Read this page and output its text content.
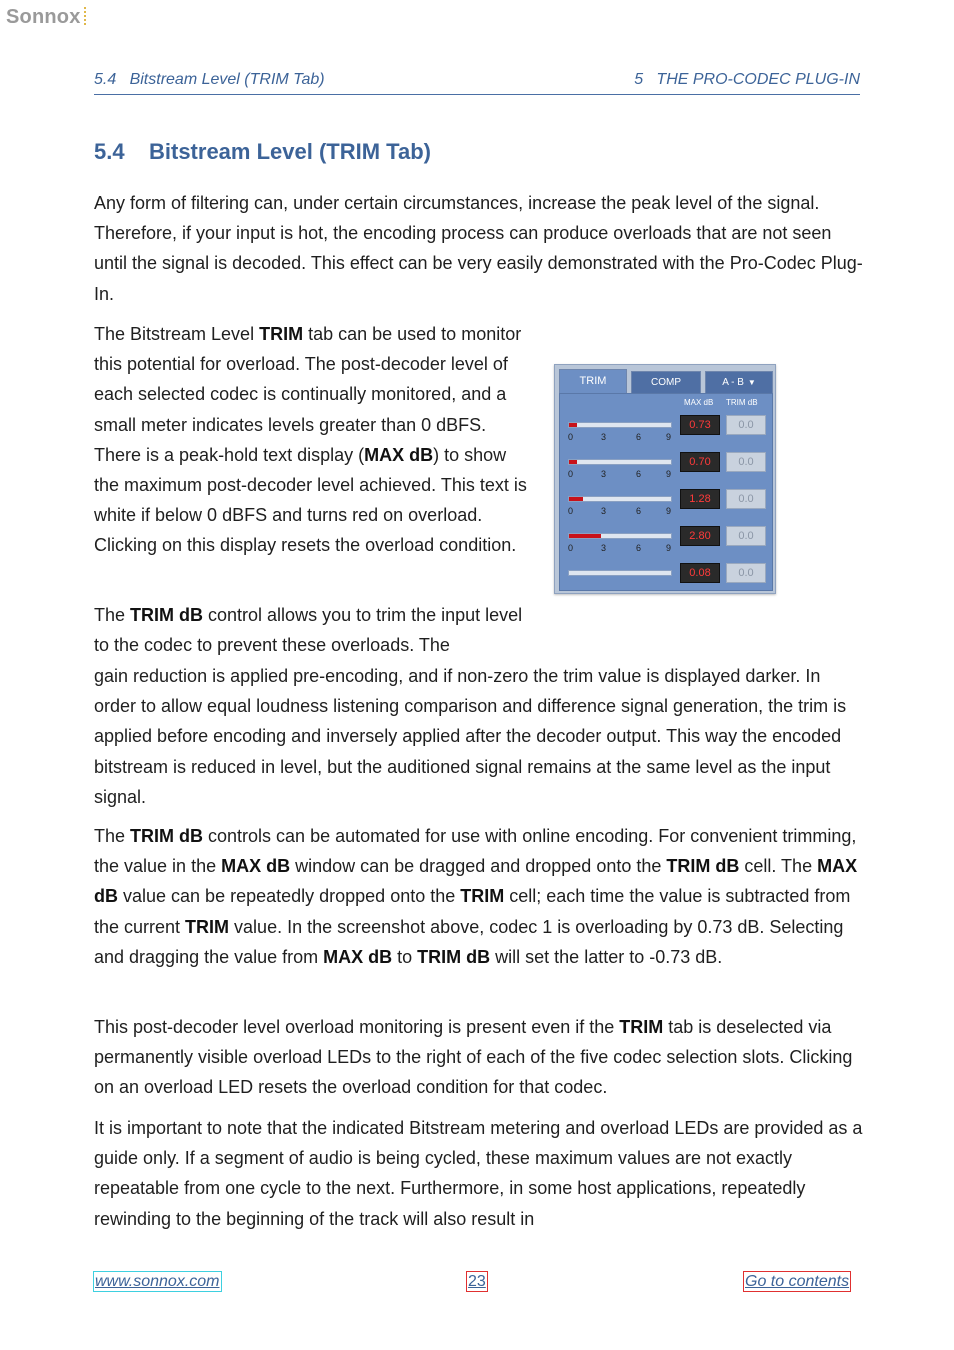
Sonnox
5.4   Bitstream Level (TRIM Tab)	5   THE PRO-CODEC PLUG-IN
5.4 Bitstream Level (TRIM Tab)

Any form of filtering can, under certain circumstances, increase the peak level of the signal. Therefore, if your input is hot, the encoding process can produce overloads that are not seen until the signal is decoded. This effect can be very easily demonstrated with the Pro-Codec Plug-In.

The Bitstream Level TRIM tab can be used to monitor this potential for overload. The post-decoder level of each selected codec is continually monitored, and a small meter indicates levels greater than 0 dBFS. There is a peak-hold text display (MAX dB) to show the maximum post-decoder level achieved. This text is white if below 0 dBFS and turns red on overload. Clicking on this display resets the overload condition.

The TRIM dB control allows you to trim the input level to the codec to prevent these overloads. The

gain reduction is applied pre-encoding, and if non-zero the trim value is displayed darker. In order to allow equal loudness listening comparison and difference signal generation, the trim is applied before encoding and inversely applied after the decoder output. This way the encoded bitstream is reduced in level, but the auditioned signal remains at the same level as the input signal.

The TRIM dB controls can be automated for use with online encoding. For convenient trimming, the value in the MAX dB window can be dragged and dropped onto the TRIM dB cell. The MAX dB value can be repeatedly dropped onto the TRIM cell; each time the value is subtracted from the current TRIM value. In the screenshot above, codec 1 is overloading by 0.73 dB. Selecting and dragging the value from MAX dB to TRIM dB will set the latter to -0.73 dB.

This post-decoder level overload monitoring is present even if the TRIM tab is deselected via permanently visible overload LEDs to the right of each of the five codec selection slots. Clicking on an overload LED resets the overload condition for that codec.

It is important to note that the indicated Bitstream metering and overload LEDs are provided as a guide only. If a segment of audio is being cycled, these maximum values are not exactly repeatable from one cycle to the next. Furthermore, in some host applications, repeatedly rewinding to the beginning of the track will also result in

TRIM	COMP	A - B ▼
MAX dB TRIM dB
0.73	0.0
0	3	6	9
0.70	0.0
0	3	6	9
1.28	0.0
0	3	6	9
2.80	0.0
0	3	6	9
0.08	0.0
www.sonnox.com	23	Go to contents
